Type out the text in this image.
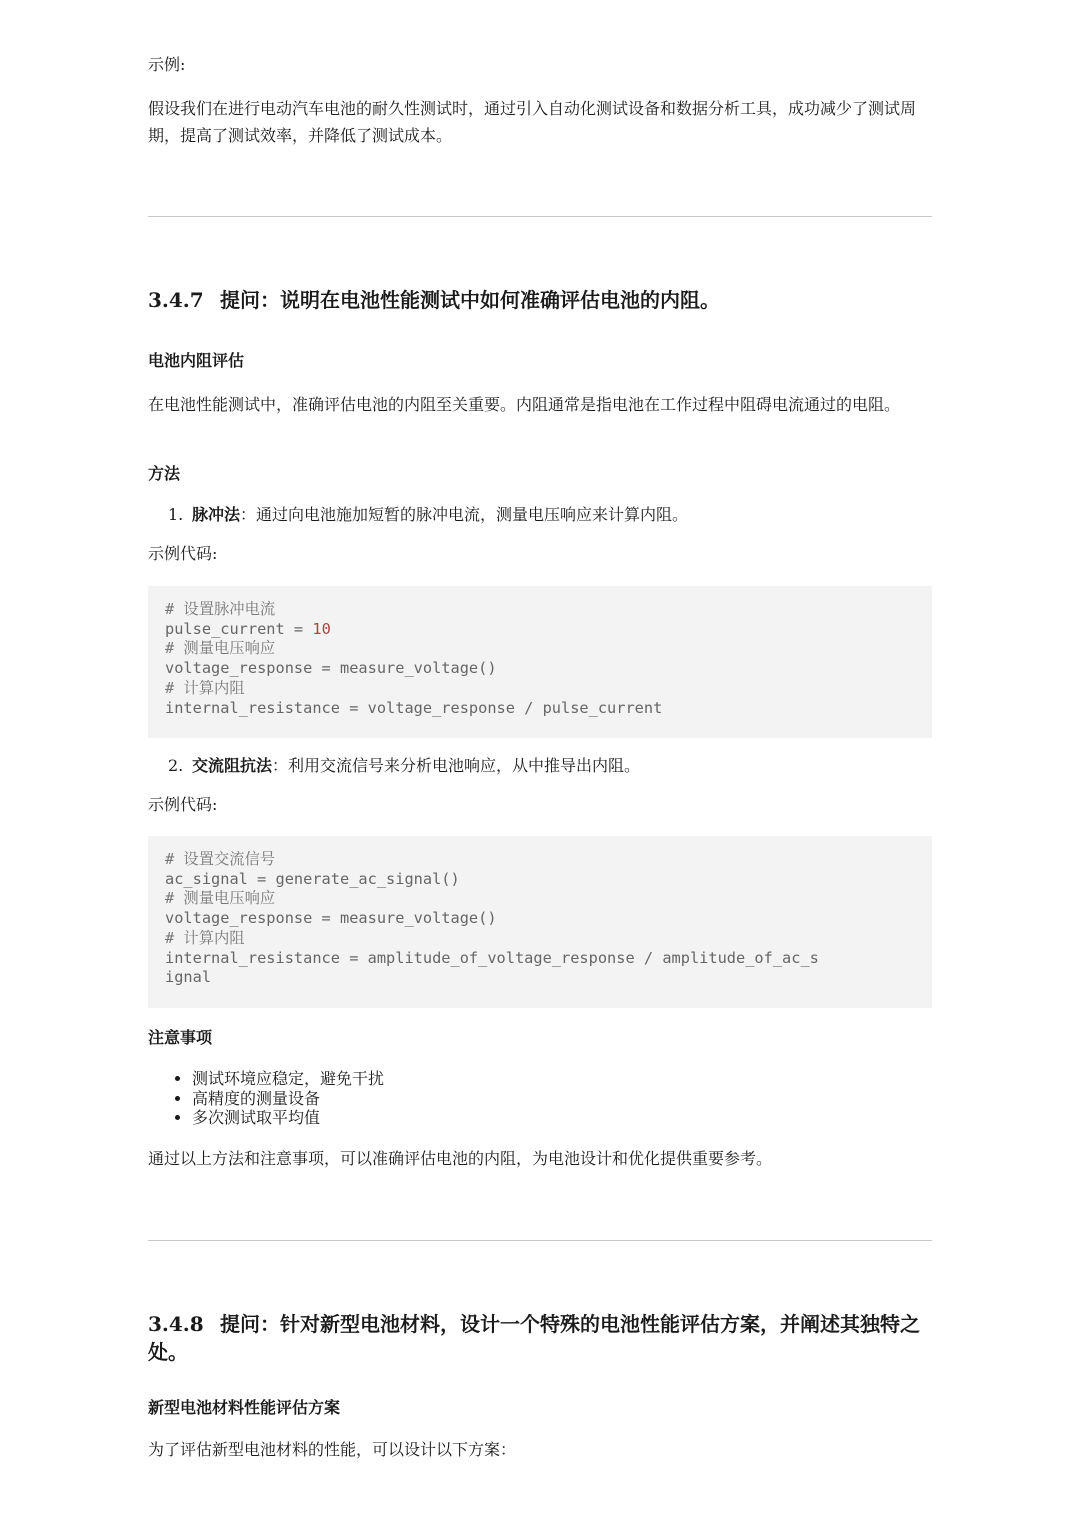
示例:

假设我们在进行电动汽车电池的耐久性测试时，通过引入自动化测试设备和数据分析工具，成功减少了测试周期，提高了测试效率，并降低了测试成本。

3.4.7 提问：说明在电池性能测试中如何准确评估电池的内阻。
电池内阻评估

在电池性能测试中，准确评估电池的内阻至关重要。内阻通常是指电池在工作过程中阻碍电流通过的电阻。

方法

1. 脉冲法：通过向电池施加短暂的脉冲电流，测量电压响应来计算内阻。

示例代码:

# 设置脉冲电流

pulse_current = 10

# 测量电压响应

voltage_response = measure_voltage()

# 计算内阻

internal_resistance = voltage_response / pulse_current

2. 交流阻抗法：利用交流信号来分析电池响应，从中推导出内阻。

示例代码:

# 设置交流信号

ac_signal = generate_ac_signal()

# 测量电压响应

voltage_response = measure_voltage()

# 计算内阻

internal_resistance = amplitude_of_voltage_response / amplitude_of_ac_s

ignal

注意事项
• 测试环境应稳定，避免干扰
• 高精度的测量设备
• 多次测试取平均值

通过以上方法和注意事项，可以准确评估电池的内阻，为电池设计和优化提供重要参考。

3.4.8 提问：针对新型电池材料，设计一个特殊的电池性能评估方案，并阐述其独特之处。
新型电池材料性能评估方案

为了评估新型电池材料的性能，可以设计以下方案：
